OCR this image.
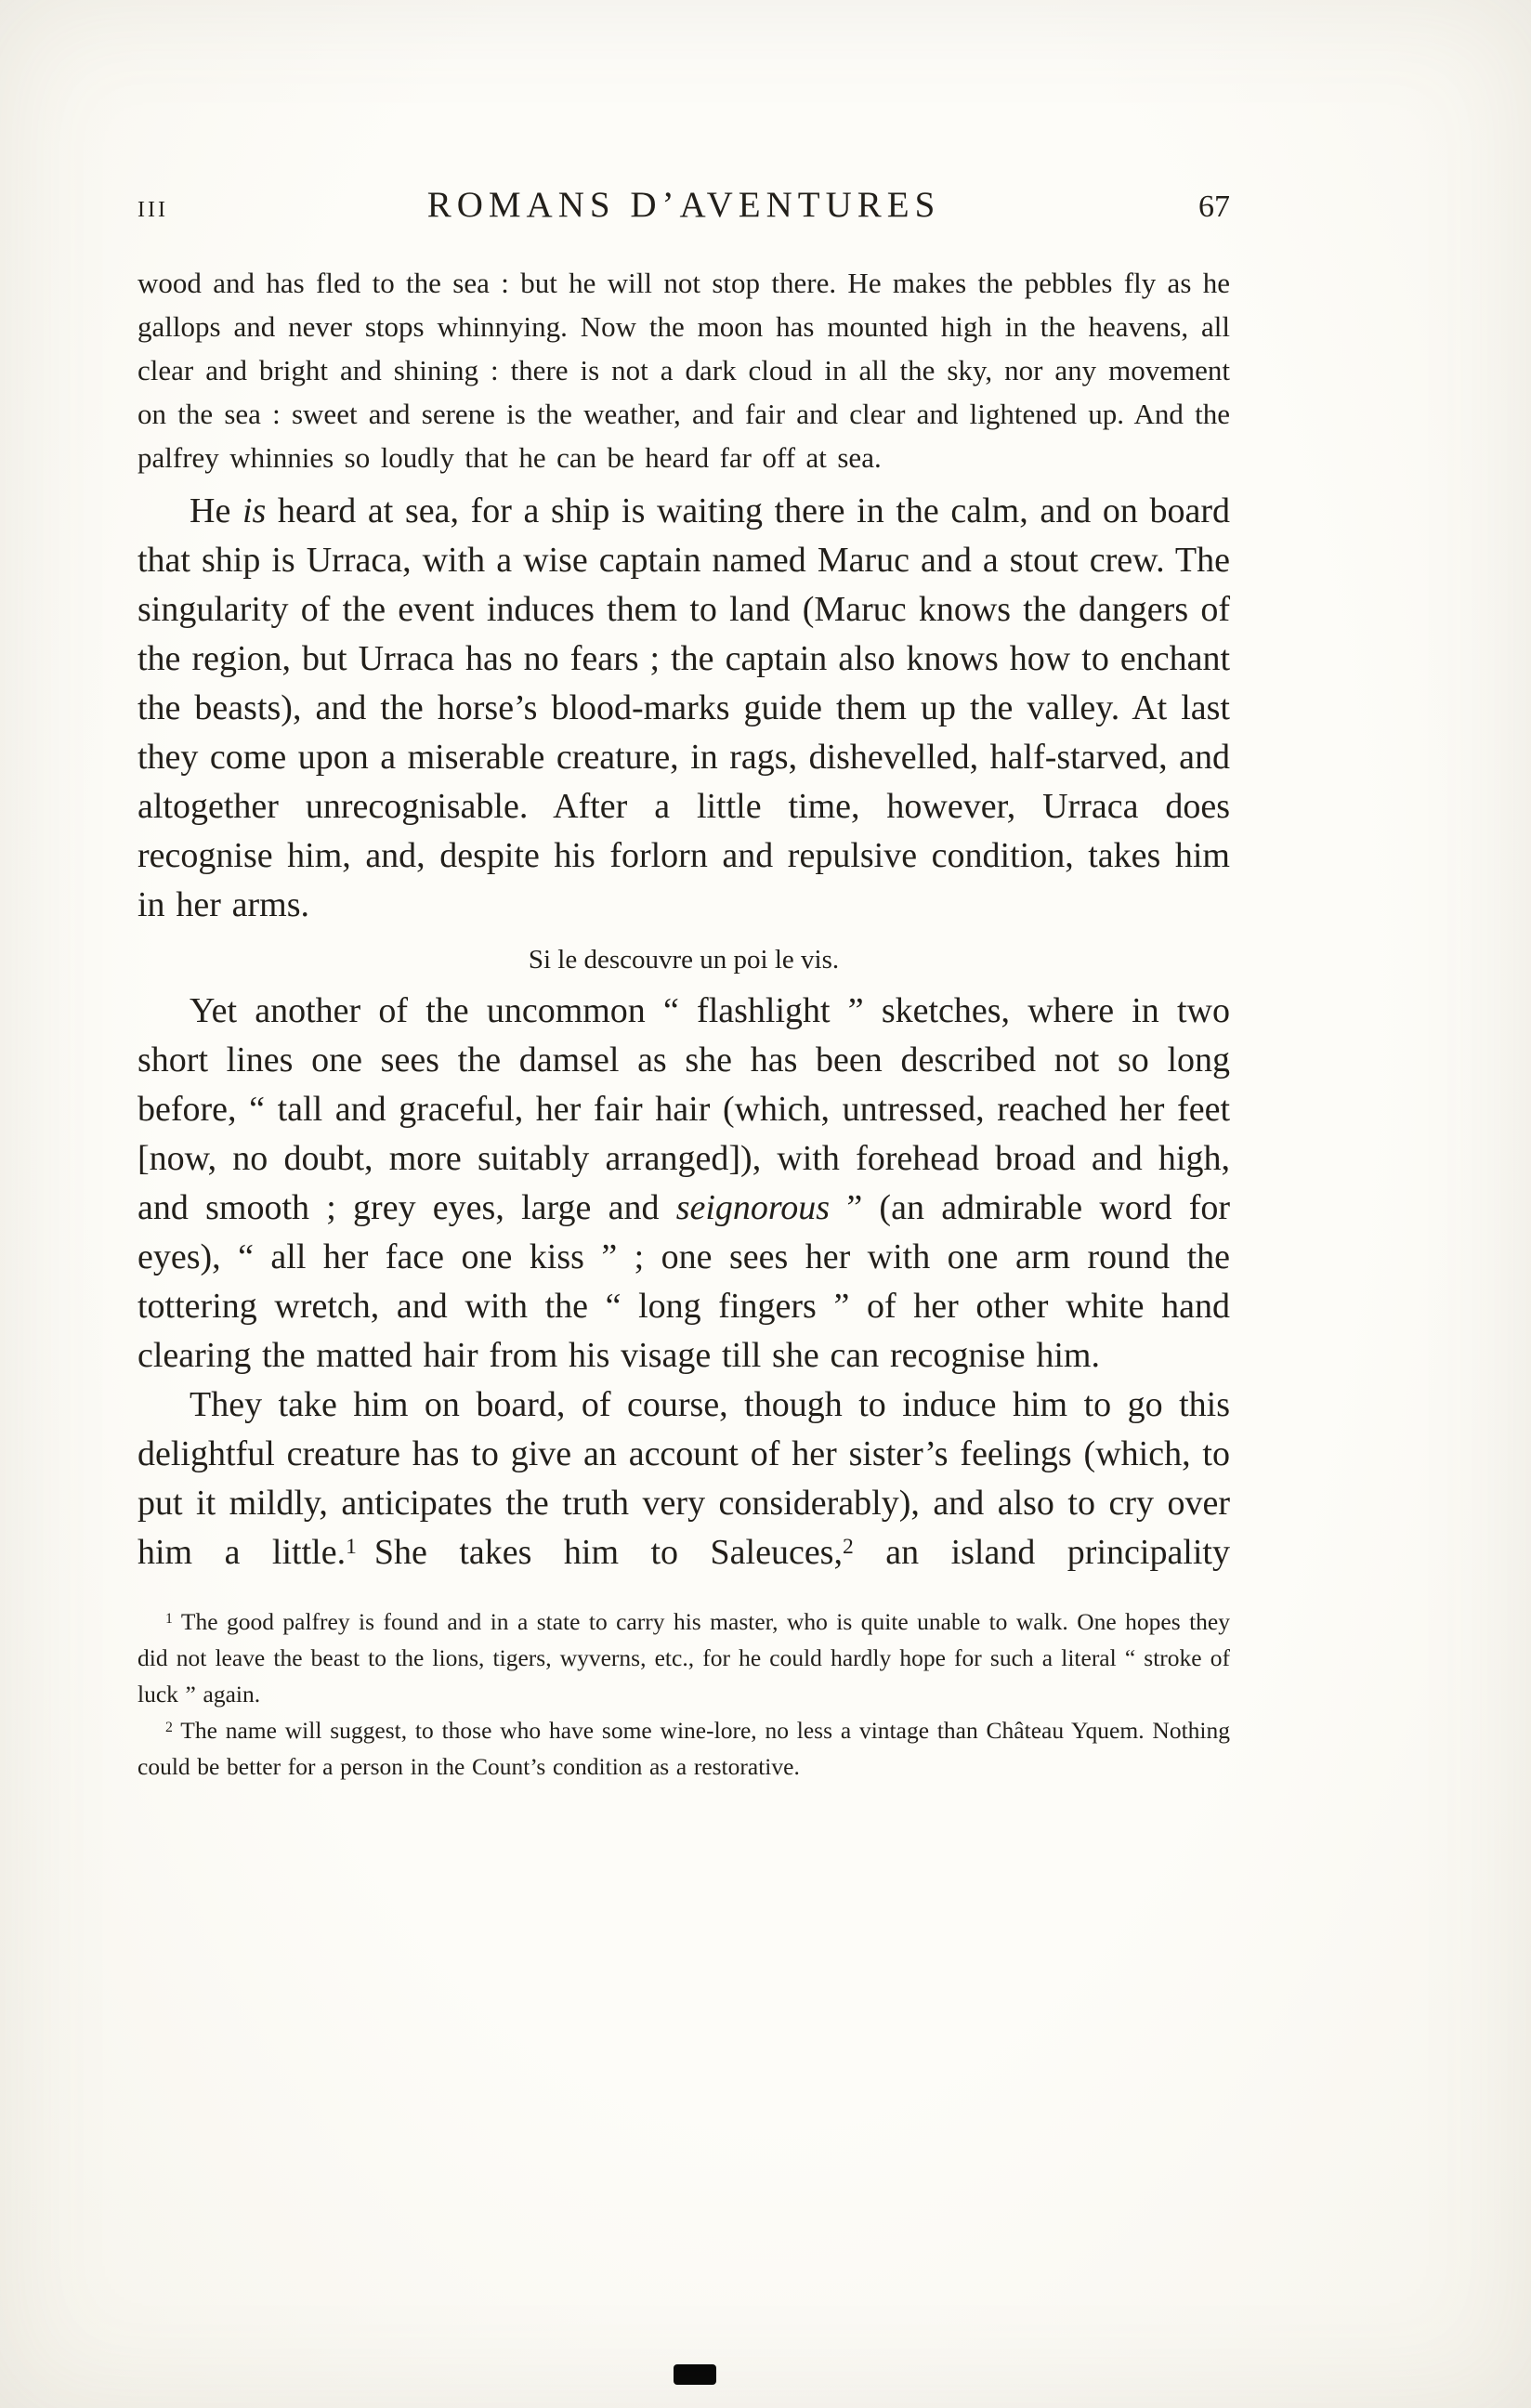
III	ROMANS D’AVENTURES	67

wood and has fled to the sea : but he will not stop there. He makes the pebbles fly as he gallops and never stops whinnying. Now the moon has mounted high in the heavens, all clear and bright and shining : there is not a dark cloud in all the sky, nor any movement on the sea : sweet and serene is the weather, and fair and clear and lightened up. And the palfrey whinnies so loudly that he can be heard far off at sea.

He is heard at sea, for a ship is waiting there in the calm, and on board that ship is Urraca, with a wise captain named Maruc and a stout crew. The singularity of the event induces them to land (Maruc knows the dangers of the region, but Urraca has no fears ; the captain also knows how to enchant the beasts), and the horse’s blood-marks guide them up the valley. At last they come upon a miserable creature, in rags, dishevelled, half-starved, and altogether unrecognisable. After a little time, however, Urraca does recognise him, and, despite his forlorn and repulsive condition, takes him in her arms.

Si le descouvre un poi le vis.

Yet another of the uncommon “ flashlight ” sketches, where in two short lines one sees the damsel as she has been described not so long before, “ tall and graceful, her fair hair (which, untressed, reached her feet [now, no doubt, more suitably arranged]), with forehead broad and high, and smooth ; grey eyes, large and seignorous ” (an admirable word for eyes), “ all her face one kiss ” ; one sees her with one arm round the tottering wretch, and with the “ long fingers ” of her other white hand clearing the matted hair from his visage till she can recognise him.

They take him on board, of course, though to induce him to go this delightful creature has to give an account of her sister’s feelings (which, to put it mildly, anticipates the truth very considerably), and also to cry over him a little.$^1$ She takes him to Saleuces,$^2$ an island principality

$^1$ The good palfrey is found and in a state to carry his master, who is quite unable to walk. One hopes they did not leave the beast to the lions, tigers, wyverns, etc., for he could hardly hope for such a literal “ stroke of luck ” again.

$^2$ The name will suggest, to those who have some wine-lore, no less a vintage than Château Yquem. Nothing could be better for a person in the Count’s condition as a restorative.
